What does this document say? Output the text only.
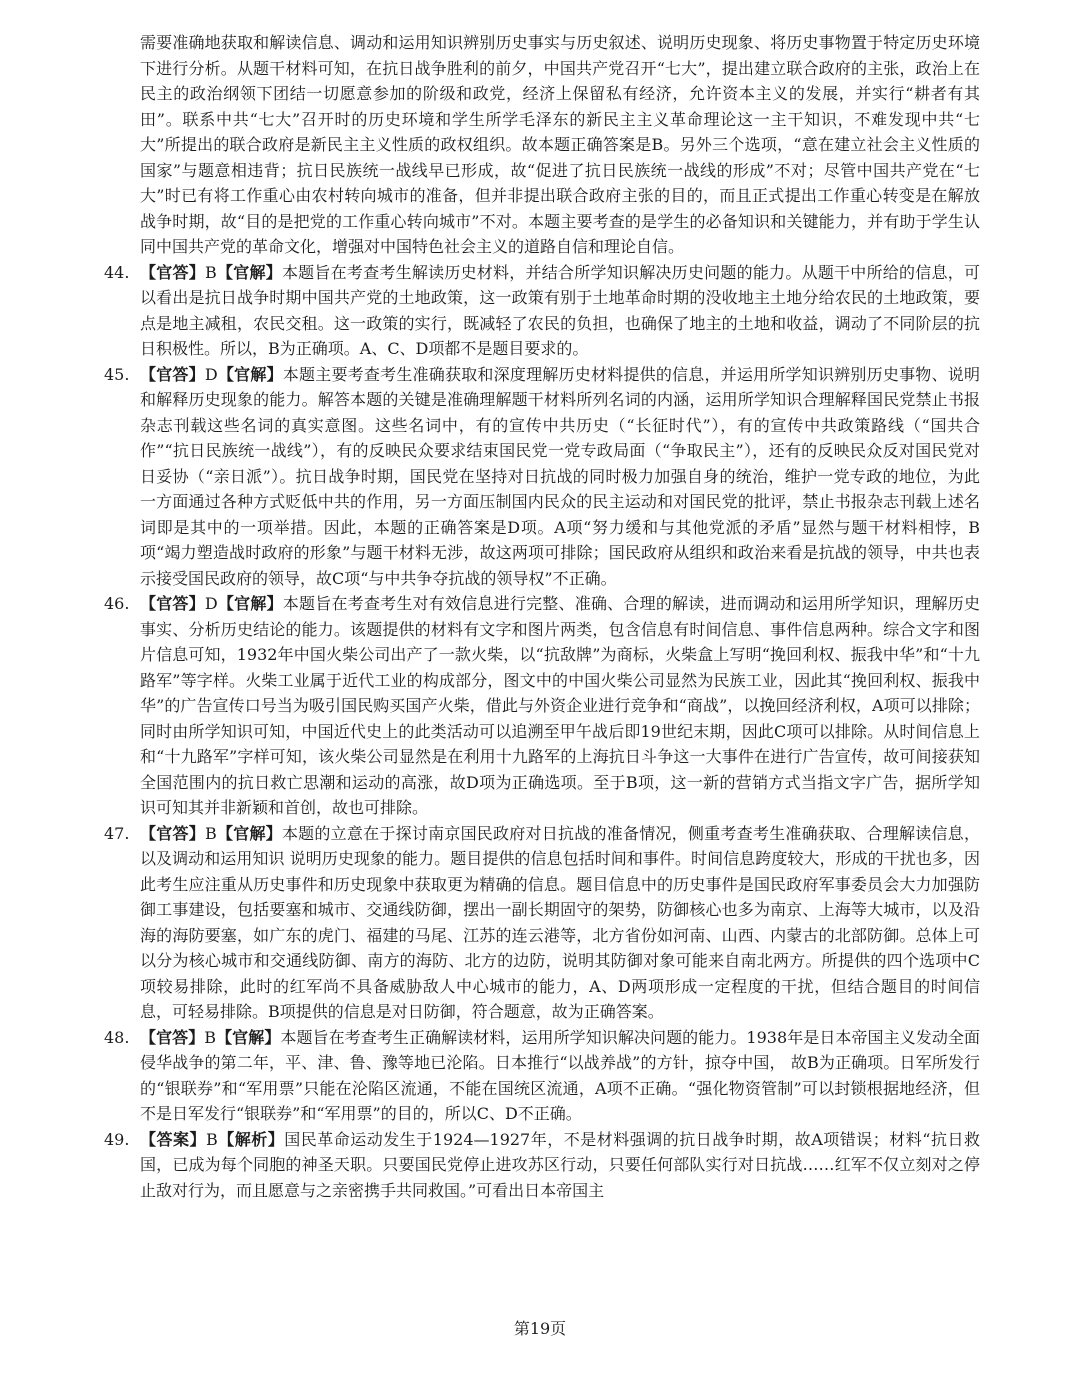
需要准确地获取和解读信息、调动和运用知识辨别历史事实与历史叙述、说明历史现象、将历史事物置于特定历史环境下进行分析。从题干材料可知，在抗日战争胜利的前夕，中国共产党召开“七大”，提出建立联合政府的主张，政治上在民主的政治纲领下团结一切愿意参加的阶级和政党，经济上保留私有经济，允许资本主义的发展，并实行“耕者有其田”。联系中共“七大”召开时的历史环境和学生所学毛泽东的新民主主义革命理论这一主干知识，不难发现中共“七大”所提出的联合政府是新民主主义性质的政权组织。故本题正确答案是B。另外三个选项，“意在建立社会主义性质的国家”与题意相违背；抗日民族统一战线早已形成，故“促进了抗日民族统一战线的形成”不对；尽管中国共产党在“七大”时已有将工作重心由农村转向城市的准备，但并非提出联合政府主张的目的，而且正式提出工作重心转变是在解放战争时期，故“目的是把党的工作重心转向城市”不对。本题主要考查的是学生的必备知识和关键能力，并有助于学生认同中国共产党的革命文化，增强对中国特色社会主义的道路自信和理论自信。

44. 【官答】B【官解】本题旨在考查考生解读历史材料，并结合所学知识解决历史问题的能力。从题干中所给的信息，可以看出是抗日战争时期中国共产党的土地政策，这一政策有别于土地革命时期的没收地主土地分给农民的土地政策，要点是地主减租，农民交租。这一政策的实行，既减轻了农民的负担，也确保了地主的土地和收益，调动了不同阶层的抗日积极性。所以，B为正确项。A、C、D项都不是题目要求的。

45. 【官答】D【官解】本题主要考查考生准确获取和深度理解历史材料提供的信息，并运用所学知识辨别历史事物、说明和解释历史现象的能力。解答本题的关键是准确理解题干材料所列名词的内涵，运用所学知识合理解释国民党禁止书报杂志刊载这些名词的真实意图。这些名词中，有的宣传中共历史（“长征时代”），有的宣传中共政策路线（“国共合作”“抗日民族统一战线”），有的反映民众要求结束国民党一党专政局面（“争取民主”），还有的反映民众反对国民党对日妥协（“亲日派”）。抗日战争时期，国民党在坚持对日抗战的同时极力加强自身的统治，维护一党专政的地位，为此一方面通过各种方式贬低中共的作用，另一方面压制国内民众的民主运动和对国民党的批评，禁止书报杂志刊载上述名词即是其中的一项举措。因此，本题的正确答案是D项。A项“努力缓和与其他党派的矛盾”显然与题干材料相悖，B项“竭力塑造战时政府的形象”与题干材料无涉，故这两项可排除；国民政府从组织和政治来看是抗战的领导，中共也表示接受国民政府的领导，故C项“与中共争夺抗战的领导权”不正确。

46. 【官答】D【官解】本题旨在考查考生对有效信息进行完整、准确、合理的解读，进而调动和运用所学知识，理解历史事实、分析历史结论的能力。该题提供的材料有文字和图片两类，包含信息有时间信息、事件信息两种。综合文字和图片信息可知，1932年中国火柴公司出产了一款火柴，以“抗敌牌”为商标，火柴盒上写明“挽回利权、振我中华”和“十九路军”等字样。火柴工业属于近代工业的构成部分，图文中的中国火柴公司显然为民族工业，因此其“挽回利权、振我中华”的广告宣传口号当为吸引国民购买国产火柴，借此与外资企业进行竞争和“商战”，以挽回经济利权，A项可以排除；同时由所学知识可知，中国近代史上的此类活动可以追溯至甲午战后即19世纪末期，因此C项可以排除。从时间信息上和“十九路军”字样可知，该火柴公司显然是在利用十九路军的上海抗日斗争这一大事件在进行广告宣传，故可间接获知全国范围内的抗日救亡思潮和运动的高涨，故D项为正确选项。至于B项，这一新的营销方式当指文字广告，据所学知识可知其并非新颖和首创，故也可排除。

47. 【官答】B【官解】本题的立意在于探讨南京国民政府对日抗战的准备情况，侧重考查考生准确获取、合理解读信息，以及调动和运用知识 说明历史现象的能力。题目提供的信息包括时间和事件。时间信息跨度较大，形成的干扰也多，因此考生应注重从历史事件和历史现象中获取更为精确的信息。题目信息中的历史事件是国民政府军事委员会大力加强防御工事建设，包括要塞和城市、交通线防御，摆出一副长期固守的架势，防御核心也多为南京、上海等大城市，以及沿海的海防要塞，如广东的虎门、福建的马尾、江苏的连云港等，北方省份如河南、山西、内蒙古的北部防御。总体上可以分为核心城市和交通线防御、南方的海防、北方的边防，说明其防御对象可能来自南北两方。所提供的四个选项中C项较易排除，此时的红军尚不具备威胁敌人中心城市的能力，A、D两项形成一定程度的干扰，但结合题目的时间信息，可轻易排除。B项提供的信息是对日防御，符合题意，故为正确答案。

48. 【官答】B【官解】本题旨在考查考生正确解读材料，运用所学知识解决问题的能力。1938年是日本帝国主义发动全面侵华战争的第二年，平、津、鲁、豫等地已沦陷。日本推行“以战养战”的方针，掠夺中国， 故B为正确项。日军所发行的“银联券”和“军用票”只能在沦陷区流通，不能在国统区流通，A项不正确。“强化物资管制”可以封锁根据地经济，但不是日军发行“银联券”和“军用票”的目的，所以C、D不正确。

49. 【答案】B【解析】国民革命运动发生于1924—1927年，不是材料强调的抗日战争时期，故A项错误；材料“抗日救国，已成为每个同胞的神圣天职。只要国民党停止进攻苏区行动，只要任何部队实行对日抗战……红军不仅立刻对之停止敌对行为，而且愿意与之亲密携手共同救国。”可看出日本帝国主

第19页
